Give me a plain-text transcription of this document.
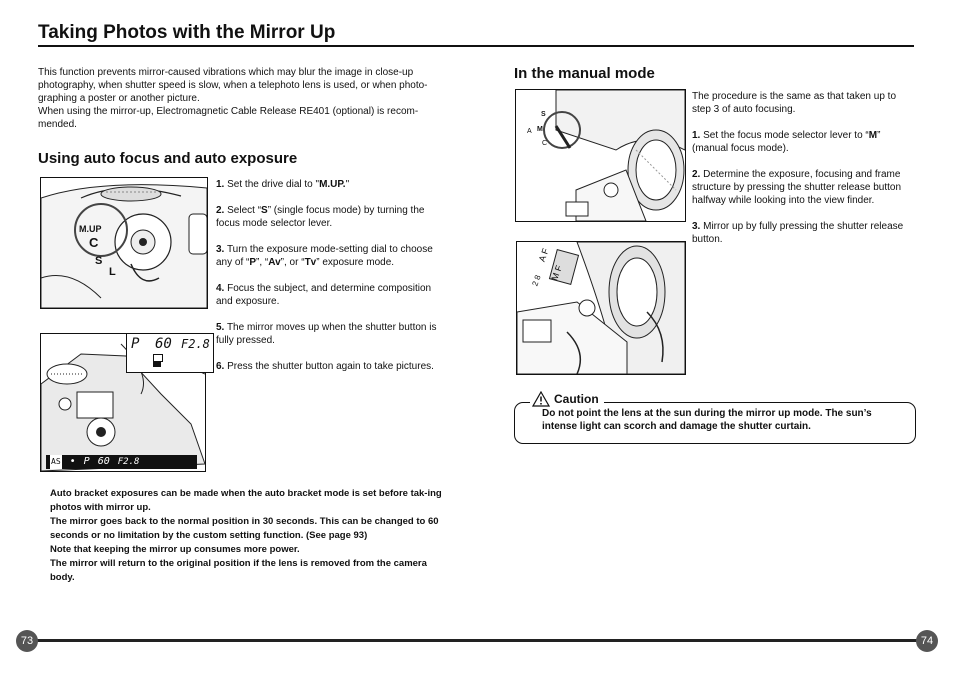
Taking Photos with the Mirror Up

This function prevents mirror-caused vibrations which may blur the image in close-up photography, when shutter speed is slow, when a telephoto lens is used, or when photo-graphing a poster or another picture.

When using the mirror-up, Electromagnetic Cable Release RE401 (optional) is recom-mended.

Using auto focus and auto exposure
M.UP
C
S
L
P 60 F2.8
AS • P 60 F2.8

1. Set the drive dial to "M.UP."

2. Select “S” (single focus mode) by turning the focus mode selector lever.

3. Turn the exposure mode-setting dial to choose any of “P”, “Av”, or “Tv” exposure mode.

4. Focus the subject, and determine composition and exposure.

5. The mirror moves up when the shutter button is fully pressed.

6. Press the shutter button again to take pictures.

Auto bracket exposures can be made when the auto bracket mode is set before tak-ing photos with mirror up.

The mirror goes back to the normal position in 30 seconds. This can be changed to 60 seconds or no limitation by the custom setting function. (See page 93)

Note that keeping the mirror up consumes more power.

The mirror will return to the original position if the lens is removed from the camera body.

In the manual mode
A
S
M
C
2 8 M F
A F

The procedure is the same as that taken up to step 3 of auto focusing.

1. Set the focus mode selector lever to “M” (manual focus mode).

2. Determine the exposure, focusing and frame structure by pressing the shutter release button halfway while looking into the view finder.

3. Mirror up by fully pressing the shutter release button.

Caution

Do not point the lens at the sun during the mirror up mode. The sun’s intense light can scorch and damage the shutter curtain.

73	74
